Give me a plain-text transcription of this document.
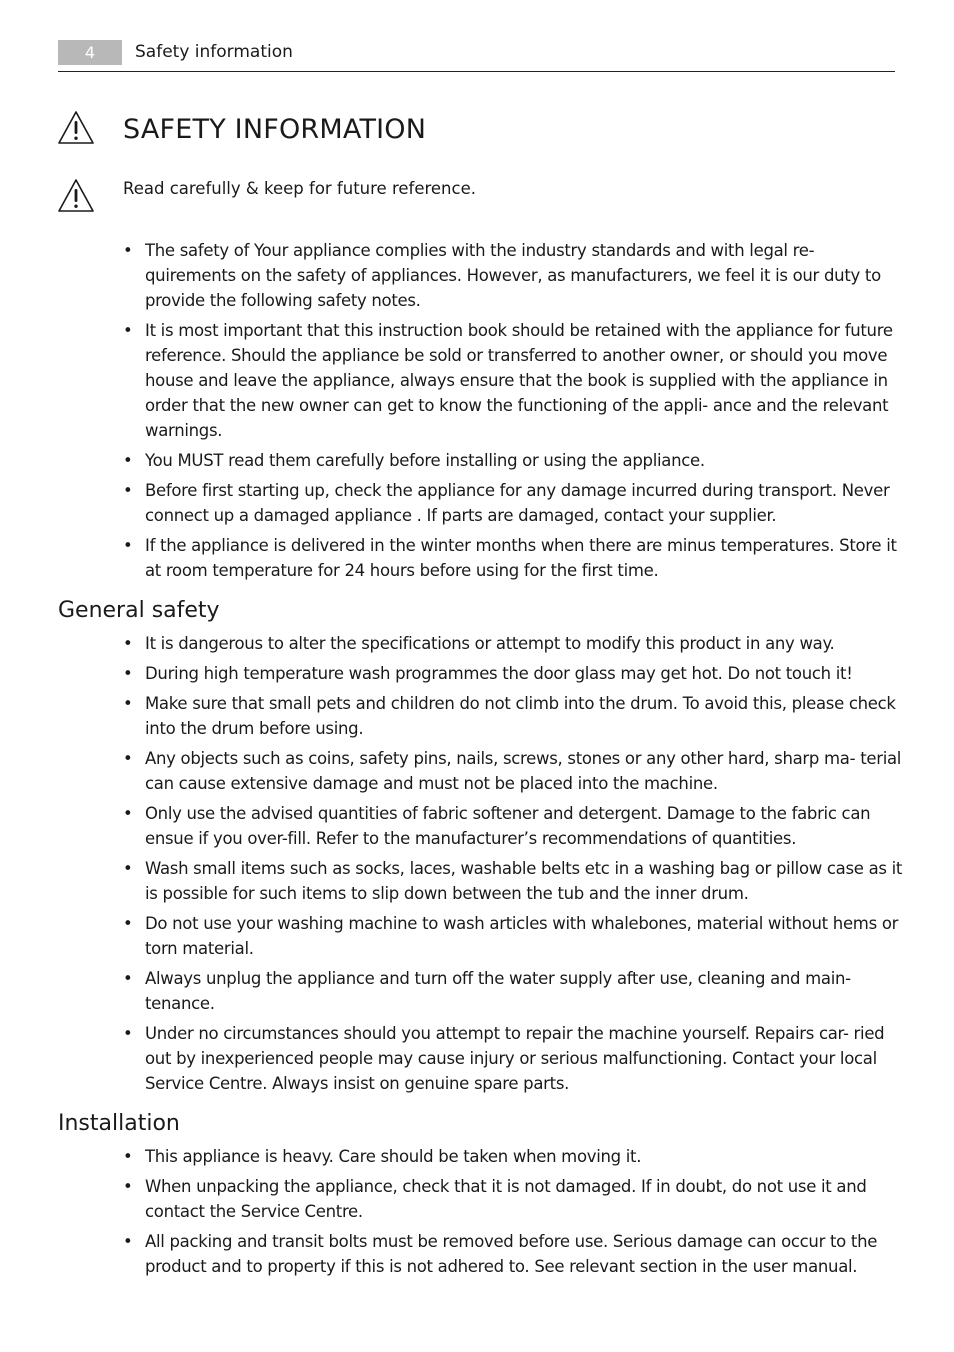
4	Safety information
SAFETY INFORMATION

Read carefully & keep for future reference.

• The safety of Your appliance complies with the industry standards and with legal re- quirements on the safety of appliances. However, as manufacturers, we feel it is our duty to provide the following safety notes.
• It is most important that this instruction book should be retained with the appliance for future reference. Should the appliance be sold or transferred to another owner, or should you move house and leave the appliance, always ensure that the book is supplied with the appliance in order that the new owner can get to know the functioning of the appli- ance and the relevant warnings.
• You MUST read them carefully before installing or using the appliance.
• Before first starting up, check the appliance for any damage incurred during transport. Never connect up a damaged appliance . If parts are damaged, contact your supplier.
• If the appliance is delivered in the winter months when there are minus temperatures. Store it at room temperature for 24 hours before using for the first time.
General safety
• It is dangerous to alter the specifications or attempt to modify this product in any way.
• During high temperature wash programmes the door glass may get hot. Do not touch it!
• Make sure that small pets and children do not climb into the drum. To avoid this, please check into the drum before using.
• Any objects such as coins, safety pins, nails, screws, stones or any other hard, sharp ma- terial can cause extensive damage and must not be placed into the machine.
• Only use the advised quantities of fabric softener and detergent. Damage to the fabric can ensue if you over-fill. Refer to the manufacturer’s recommendations of quantities.
• Wash small items such as socks, laces, washable belts etc in a washing bag or pillow case as it is possible for such items to slip down between the tub and the inner drum.
• Do not use your washing machine to wash articles with whalebones, material without hems or torn material.
• Always unplug the appliance and turn off the water supply after use, cleaning and main- tenance.
• Under no circumstances should you attempt to repair the machine yourself. Repairs car- ried out by inexperienced people may cause injury or serious malfunctioning. Contact your local Service Centre. Always insist on genuine spare parts.
Installation
• This appliance is heavy. Care should be taken when moving it.
• When unpacking the appliance, check that it is not damaged. If in doubt, do not use it and contact the Service Centre.
• All packing and transit bolts must be removed before use. Serious damage can occur to the product and to property if this is not adhered to. See relevant section in the user manual.
